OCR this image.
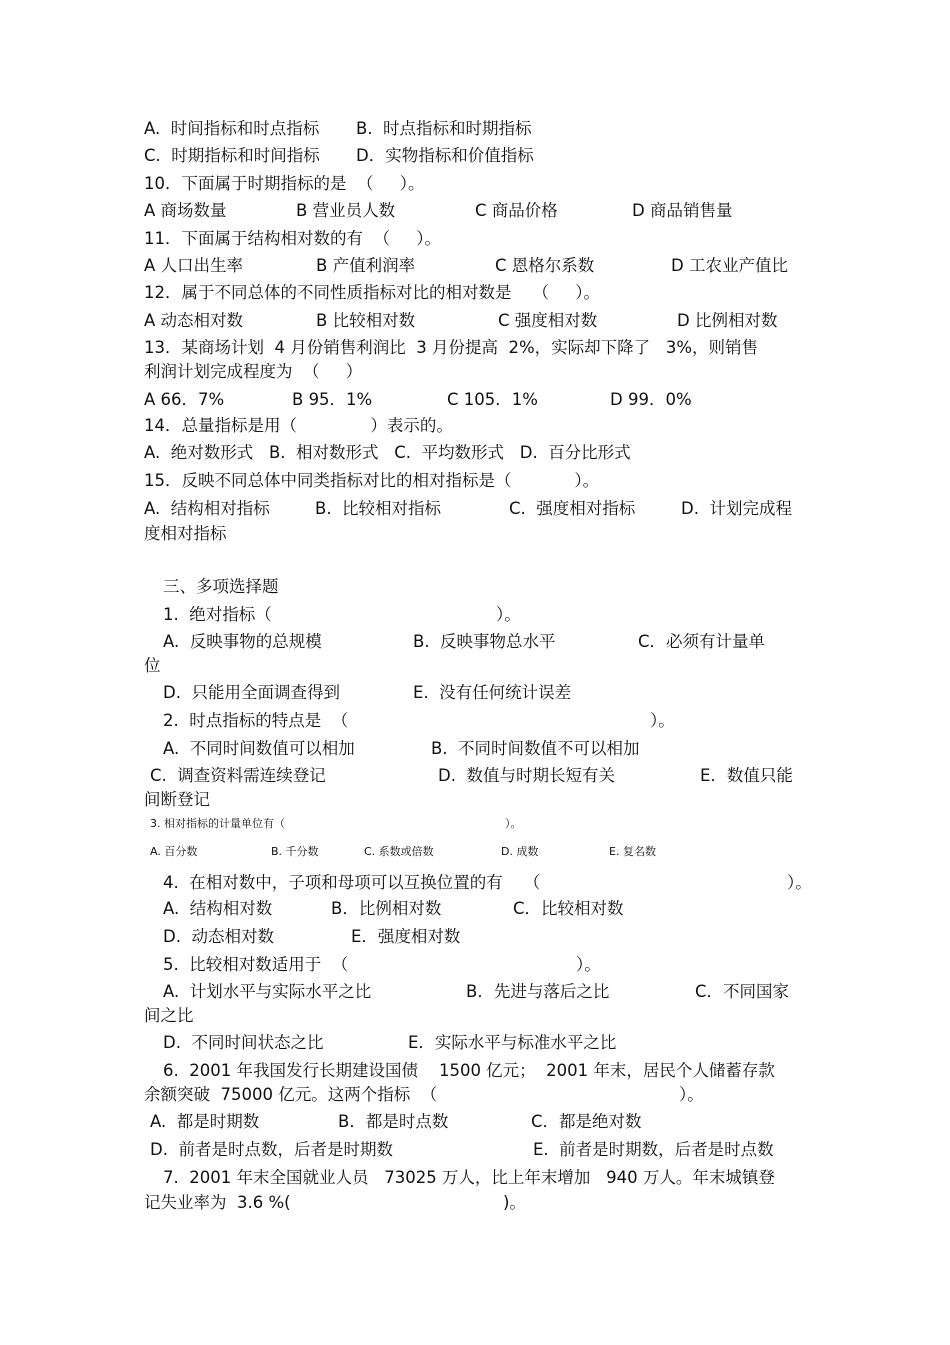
A.  时间指标和时点指标 B.  时点指标和时期指标
C.  时期指标和时间指标 D．实物指标和价值指标
10．下面属于时期指标的是  （     ）。
A 商场数量	B 营业员人数	C 商品价格	D 商品销售量
11．下面属于结构相对数的有  （     ）。
A 人口出生率	B 产值利润率	C 恩格尔系数	D 工农业产值比
12．属于不同总体的不同性质指标对比的相对数是    （     ）。
A 动态相对数	B 比较相对数	C 强度相对数	D 比例相对数
13．某商场计划  4 月份销售利润比  3 月份提高  2%，实际却下降了   3%，则销售
利润计划完成程度为  （     ）
A 66．7%	B 95．1%	C 105．1%	D 99．0%
14．总量指标是用（              ）表示的。
A.  绝对数形式   B.  相对数形式   C.  平均数形式   D.  百分比形式
15．反映不同总体中同类指标对比的相对指标是（            ）。
A.  结构相对指标	B.  比较相对指标	C.  强度相对指标	D.  计划完成程
度相对指标
三、多项选择题
1.  绝对指标（	）。
A.  反映事物的总规模	B.  反映事物总水平	C．必须有计量单
位
D.  只能用全面调查得到	E.  没有任何统计误差
2.  时点指标的特点是  （	）。
A.  不同时间数值可以相加	B.  不同时间数值不可以相加
C.  调查资料需连续登记	D.  数值与时期长短有关	E．数值只能
间断登记
3. 相对指标的计量单位有（	）。
A. 百分数	B. 千分数	C. 系数或倍数	D. 成数	E. 复名数
4.  在相对数中，子项和母项可以互换位置的有    （	）。
A.  结构相对数	B．比例相对数	C．比较相对数
D.  动态相对数	E．强度相对数
5.  比较相对数适用于  （	）。
A.  计划水平与实际水平之比	B．先进与落后之比	C．不同国家
间之比
D.  不同时间状态之比	E．实际水平与标准水平之比
6.  2001 年我国发行长期建设国债    1500 亿元；  2001 年末，居民个人储蓄存款
余额突破  75000 亿元。这两个指标  （	）。
A.  都是时期数	B．都是时点数	C．都是绝对数
D.  前者是时点数，后者是时期数	E.  前者是时期数，后者是时点数
7.  2001 年末全国就业人员   73025 万人，比上年末增加   940 万人。年末城镇登
记失业率为  3.6 %(	)。
